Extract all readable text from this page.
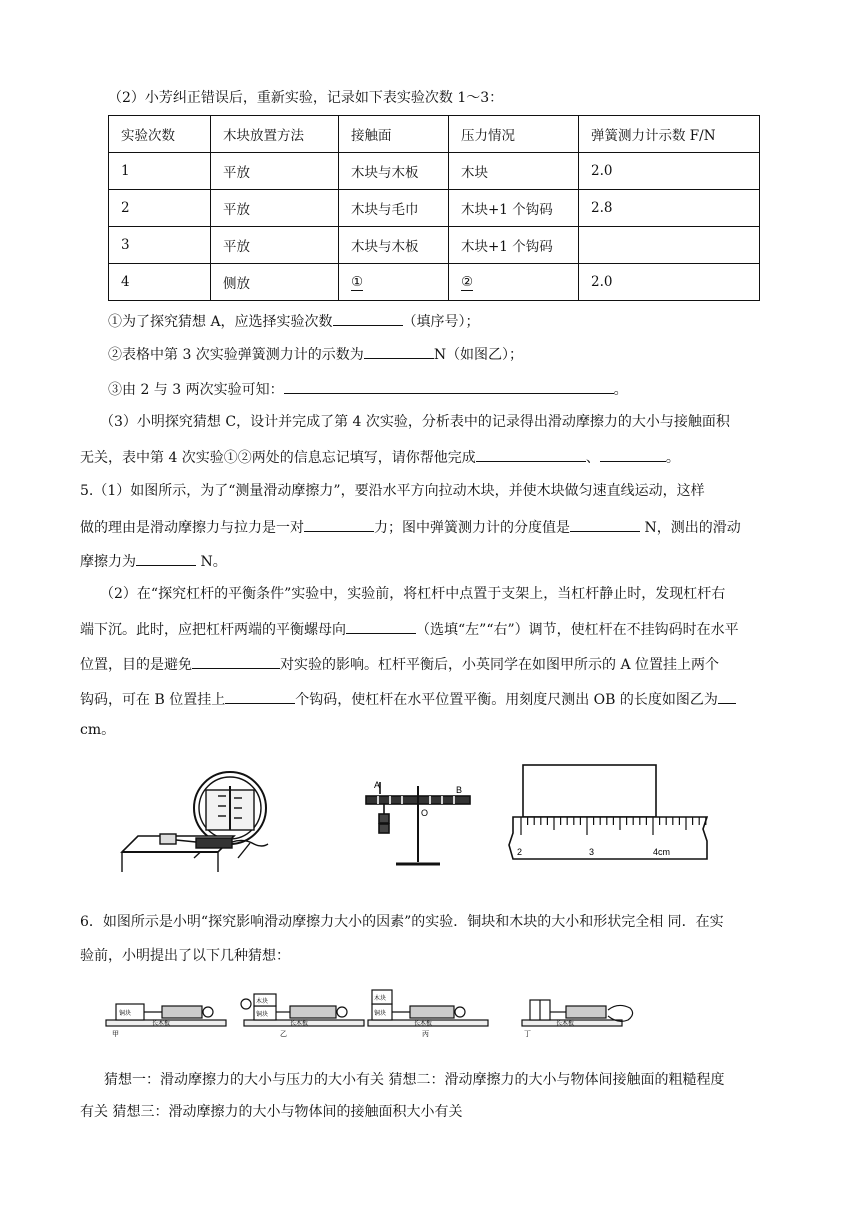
（2）小芳纠正错误后，重新实验，记录如下表实验次数 1～3：
实验次数	木块放置方法	接触面	压力情况	弹簧测力计示数 F/N
1	平放	木块与木板	木块	2.0
2	平放	木块与毛巾	木块+1 个钩码	2.8
3	平放	木块与木板	木块+1 个钩码	
4	侧放	①	②	2.0
①为了探究猜想 A，应选择实验次数	（填序号）；
②表格中第 3 次实验弹簧测力计的示数为	N（如图乙）；
③由 2 与 3 两次实验可知：	。
（3）小明探究猜想 C，设计并完成了第 4 次实验，分析表中的记录得出滑动摩擦力的大小与接触面积
无关，表中第 4 次实验①②两处的信息忘记填写，请你帮他完成	、	。
5.（1）如图所示，为了“测量滑动摩擦力”，要沿水平方向拉动木块，并使木块做匀速直线运动，这样
做的理由是滑动摩擦力与拉力是一对	力；图中弹簧测力计的分度值是	N，测出的滑动
摩擦力为	N。
（2）在“探究杠杆的平衡条件”实验中，实验前，将杠杆中点置于支架上，当杠杆静止时，发现杠杆右
端下沉。此时，应把杠杆两端的平衡螺母向	（选填“左”“右”）调节，使杠杆在不挂钩码时在水平
位置，目的是避免	对实验的影响。杠杆平衡后，小英同学在如图甲所示的 A 位置挂上两个
钩码，可在 B 位置挂上	个钩码，使杠杆在水平位置平衡。用刻度尺测出 OB 的长度如图乙为
cm。
A	B
O
2	3	4cm
6．如图所示是小明“探究影响滑动摩擦力大小的因素”的实验．铜块和木块的大小和形状完全相 同．在实
验前，小明提出了以下几种猜想：
铜块
木块
铜块
木块
铜块
长木板	长木板	长木板	长木板
甲	乙	丙	丁
猜想一：滑动摩擦力的大小与压力的大小有关 猜想二：滑动摩擦力的大小与物体间接触面的粗糙程度
有关 猜想三：滑动摩擦力的大小与物体间的接触面积大小有关
